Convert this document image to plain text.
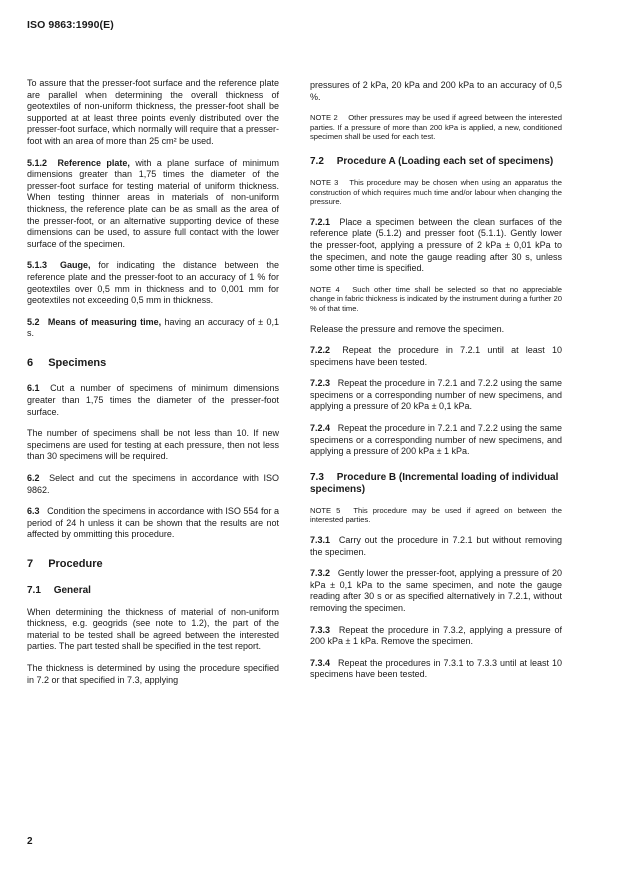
ISO 9863:1990(E)

To assure that the presser-foot surface and the reference plate are parallel when determining the overall thickness of geotextiles of non-uniform thickness, the presser-foot shall be supported at at least three points evenly distributed over the presser-foot surface, which normally will require that a presser-foot with an area of more than 25 cm² be used.

5.1.2 Reference plate, with a plane surface of minimum dimensions greater than 1,75 times the diameter of the presser-foot surface for testing material of uniform thickness. When testing thinner areas in materials of non-uniform thickness, the reference plate can be as small as the area of the presser-foot, or an alternative supporting device of these dimensions can be used, to assure full contact with the lower surface of the specimen.

5.1.3 Gauge, for indicating the distance between the reference plate and the presser-foot to an accuracy of 1 % for geotextiles over 0,5 mm in thickness and to 0,001 mm for geotextiles not exceeding 0,5 mm in thickness.

5.2 Means of measuring time, having an accuracy of ± 0,1 s.

6 Specimens

6.1 Cut a number of specimens of minimum dimensions greater than 1,75 times the diameter of the presser-foot surface.

The number of specimens shall be not less than 10. If new specimens are used for testing at each pressure, then not less than 30 specimens will be required.

6.2 Select and cut the specimens in accordance with ISO 9862.

6.3 Condition the specimens in accordance with ISO 554 for a period of 24 h unless it can be shown that the results are not affected by ommitting this procedure.

7 Procedure
7.1 General

When determining the thickness of material of non-uniform thickness, e.g. geogrids (see note to 1.2), the part of the material to be tested shall be agreed between the interested parties. The part tested shall be specified in the test report.

The thickness is determined by using the procedure specified in 7.2 or that specified in 7.3, applying

pressures of 2 kPa, 20 kPa and 200 kPa to an accuracy of 0,5 %.

NOTE 2 Other pressures may be used if agreed between the interested parties. If a pressure of more than 200 kPa is applied, a new, conditioned specimen shall be used for each test.

7.2 Procedure A (Loading each set of specimens)

NOTE 3 This procedure may be chosen when using an apparatus the construction of which requires much time and/or labour when changing the pressure.

7.2.1 Place a specimen between the clean surfaces of the reference plate (5.1.2) and presser foot (5.1.1). Gently lower the presser-foot, applying a pressure of 2 kPa ± 0,01 kPa to the specimen, and note the gauge reading after 30 s, unless some other time is specified.

NOTE 4 Such other time shall be selected so that no appreciable change in fabric thickness is indicated by the instrument during a further 20 % of that time.

Release the pressure and remove the specimen.

7.2.2 Repeat the procedure in 7.2.1 until at least 10 specimens have been tested.

7.2.3 Repeat the procedure in 7.2.1 and 7.2.2 using the same specimens or a corresponding number of new specimens, and applying a pressure of 20 kPa ± 0,1 kPa.

7.2.4 Repeat the procedure in 7.2.1 and 7.2.2 using the same specimens or a corresponding number of new specimens, and applying a pressure of 200 kPa ± 1 kPa.

7.3 Procedure B (Incremental loading of individual specimens)

NOTE 5 This procedure may be used if agreed on between the interested parties.

7.3.1 Carry out the procedure in 7.2.1 but without removing the specimen.

7.3.2 Gently lower the presser-foot, applying a pressure of 20 kPa ± 0,1 kPa to the same specimen, and note the gauge reading after 30 s or as specified alternatively in 7.2.1, without removing the specimen.

7.3.3 Repeat the procedure in 7.3.2, applying a pressure of 200 kPa ± 1 kPa. Remove the specimen.

7.3.4 Repeat the procedures in 7.3.1 to 7.3.3 until at least 10 specimens have been tested.

2
